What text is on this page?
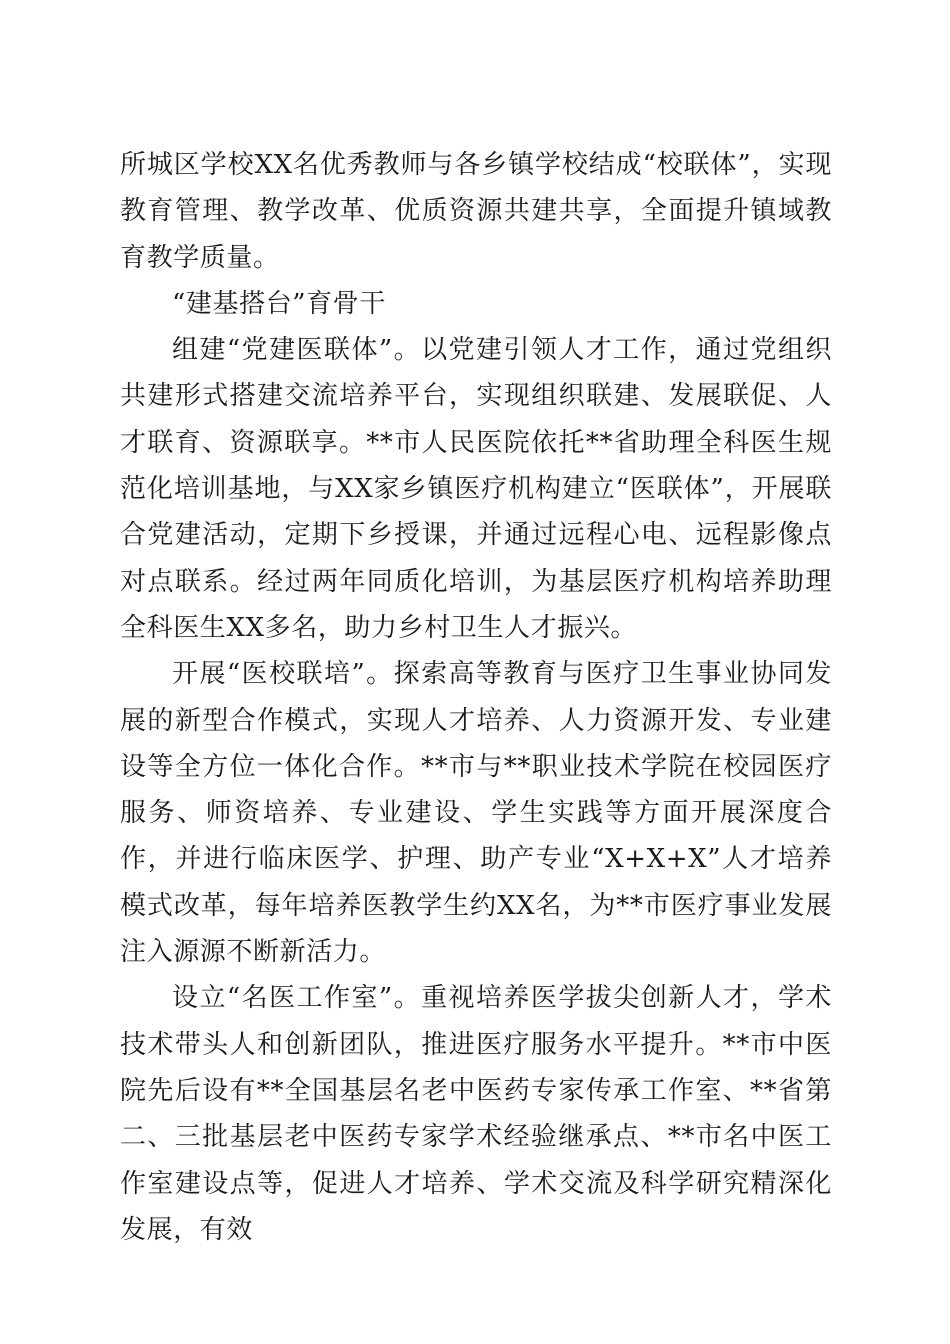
所城区学校XX名优秀教师与各乡镇学校结成“校联体”，实现教育管理、教学改革、优质资源共建共享，全面提升镇域教育教学质量。

“建基搭台”育骨干

组建“党建医联体”。以党建引领人才工作，通过党组织共建形式搭建交流培养平台，实现组织联建、发展联促、人才联育、资源联享。**市人民医院依托**省助理全科医生规范化培训基地，与XX家乡镇医疗机构建立“医联体”，开展联合党建活动，定期下乡授课，并通过远程心电、远程影像点对点联系。经过两年同质化培训，为基层医疗机构培养助理全科医生XX多名，助力乡村卫生人才振兴。

开展“医校联培”。探索高等教育与医疗卫生事业协同发展的新型合作模式，实现人才培养、人力资源开发、专业建设等全方位一体化合作。**市与**职业技术学院在校园医疗服务、师资培养、专业建设、学生实践等方面开展深度合作，并进行临床医学、护理、助产专业“X+X+X”人才培养模式改革，每年培养医教学生约XX名，为**市医疗事业发展注入源源不断新活力。

设立“名医工作室”。重视培养医学拔尖创新人才，学术技术带头人和创新团队，推进医疗服务水平提升。**市中医院先后设有**全国基层名老中医药专家传承工作室、**省第二、三批基层老中医药专家学术经验继承点、**市名中医工作室建设点等，促进人才培养、学术交流及科学研究精深化发展，有效
